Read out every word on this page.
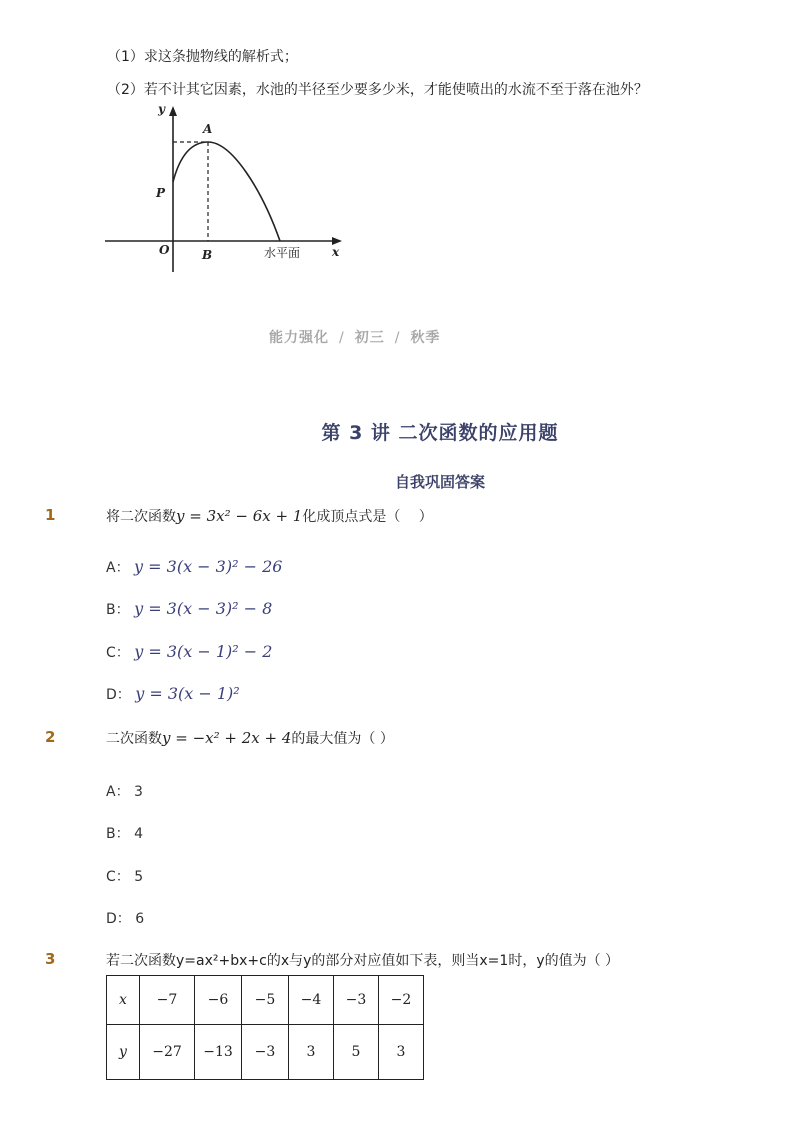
（1）求这条抛物线的解析式；
（2）若不计其它因素，水池的半径至少要多少米，才能使喷出的水流不至于落在池外？
y
A
P
O	B	水平面	x
能力强化 / 初三 / 秋季
第 3 讲 二次函数的应用题
自我巩固答案
1	将二次函数y = 3x² − 6x + 1化成顶点式是（　 ）
A： y = 3(x − 3)² − 26
B： y = 3(x − 3)² − 8
C： y = 3(x − 1)² − 2
D： y = 3(x − 1)²
2	二次函数y = −x² + 2x + 4的最大值为（ ）
A： 3
B： 4
C： 5
D： 6
3	若二次函数y=ax²+bx+c的x与y的部分对应值如下表，则当x=1时，y的值为（ ）
x	−7	−6	−5	−4	−3	−2
y	−27	−13	−3	3	5	3
